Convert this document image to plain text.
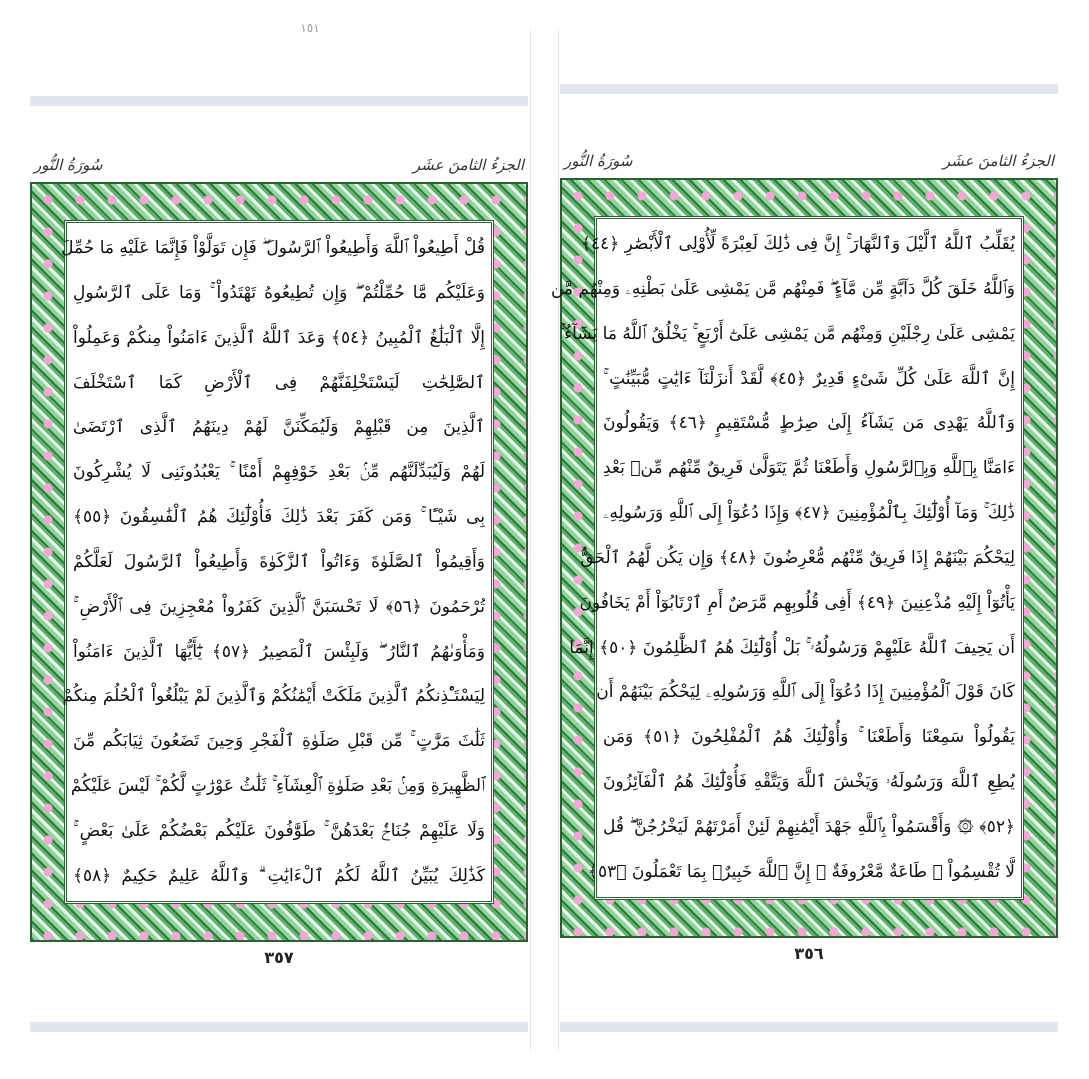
١٥١
الجزءُ الثامنَ عشَر
سُورَةُ النُّور
قُلْ أَطِيعُواْ ٱللَّهَ وَأَطِيعُواْ ٱلرَّسُولَ ۖ فَإِن تَوَلَّوْاْ فَإِنَّمَا عَلَيْهِ مَا حُمِّلَ
وَعَلَيْكُم مَّا حُمِّلْتُمْ ۖ وَإِن تُطِيعُوهُ تَهْتَدُواْ ۚ وَمَا عَلَى ٱلرَّسُولِ
إِلَّا ٱلْبَلَٰغُ ٱلْمُبِينُ ﴿٥٤﴾ وَعَدَ ٱللَّهُ ٱلَّذِينَ ءَامَنُواْ مِنكُمْ وَعَمِلُواْ
ٱلصَّٰلِحَٰتِ لَيَسْتَخْلِفَنَّهُمْ فِى ٱلْأَرْضِ كَمَا ٱسْتَخْلَفَ
ٱلَّذِينَ مِن قَبْلِهِمْ وَلَيُمَكِّنَنَّ لَهُمْ دِينَهُمُ ٱلَّذِى ٱرْتَضَىٰ
لَهُمْ وَلَيُبَدِّلَنَّهُم مِّنۢ بَعْدِ خَوْفِهِمْ أَمْنًا ۚ يَعْبُدُونَنِى لَا يُشْرِكُونَ
بِى شَيْـًٔا ۚ وَمَن كَفَرَ بَعْدَ ذَٰلِكَ فَأُوْلَٰٓئِكَ هُمُ ٱلْفَٰسِقُونَ ﴿٥٥﴾
وَأَقِيمُواْ ٱلصَّلَوٰةَ وَءَاتُواْ ٱلزَّكَوٰةَ وَأَطِيعُواْ ٱلرَّسُولَ لَعَلَّكُمْ
تُرْحَمُونَ ﴿٥٦﴾ لَا تَحْسَبَنَّ ٱلَّذِينَ كَفَرُواْ مُعْجِزِينَ فِى ٱلْأَرْضِ ۚ
وَمَأْوَىٰهُمُ ٱلنَّارُ ۖ وَلَبِئْسَ ٱلْمَصِيرُ ﴿٥٧﴾ يَٰٓأَيُّهَا ٱلَّذِينَ ءَامَنُواْ
لِيَسْتَـْٔذِنكُمُ ٱلَّذِينَ مَلَكَتْ أَيْمَٰنُكُمْ وَٱلَّذِينَ لَمْ يَبْلُغُواْ ٱلْحُلُمَ مِنكُمْ
ثَلَٰثَ مَرَّٰتٍ ۚ مِّن قَبْلِ صَلَوٰةِ ٱلْفَجْرِ وَحِينَ تَضَعُونَ ثِيَابَكُم مِّنَ
ٱلظَّهِيرَةِ وَمِنۢ بَعْدِ صَلَوٰةِ ٱلْعِشَآءِ ۚ ثَلَٰثُ عَوْرَٰتٍ لَّكُمْ ۚ لَيْسَ عَلَيْكُمْ
وَلَا عَلَيْهِمْ جُنَاحٌۢ بَعْدَهُنَّ ۚ طَوَّٰفُونَ عَلَيْكُم بَعْضُكُمْ عَلَىٰ بَعْضٍ ۚ
كَذَٰلِكَ يُبَيِّنُ ٱللَّهُ لَكُمُ ٱلْءَايَٰتِ ۗ وَٱللَّهُ عَلِيمٌ حَكِيمٌ ﴿٥٨﴾
٣٥٧
الجزءُ الثامنَ عشَر
سُورَةُ النُّور
يُقَلِّبُ ٱللَّهُ ٱلَّيْلَ وَٱلنَّهَارَ ۚ إِنَّ فِى ذَٰلِكَ لَعِبْرَةً لِّأُوْلِى ٱلْأَبْصَٰرِ ﴿٤٤﴾
وَٱللَّهُ خَلَقَ كُلَّ دَآبَّةٍ مِّن مَّآءٍ ۖ فَمِنْهُم مَّن يَمْشِى عَلَىٰ بَطْنِهِۦ وَمِنْهُم مَّن
يَمْشِى عَلَىٰ رِجْلَيْنِ وَمِنْهُم مَّن يَمْشِى عَلَىٰٓ أَرْبَعٍ ۚ يَخْلُقُ ٱللَّهُ مَا يَشَآءُ ۚ
إِنَّ ٱللَّهَ عَلَىٰ كُلِّ شَىْءٍ قَدِيرٌ ﴿٤٥﴾ لَّقَدْ أَنزَلْنَآ ءَايَٰتٍ مُّبَيِّنَٰتٍ ۚ
وَٱللَّهُ يَهْدِى مَن يَشَآءُ إِلَىٰ صِرَٰطٍ مُّسْتَقِيمٍ ﴿٤٦﴾ وَيَقُولُونَ
ءَامَنَّا بِٱللَّهِ وَبِٱلرَّسُولِ وَأَطَعْنَا ثُمَّ يَتَوَلَّىٰ فَرِيقٌ مِّنْهُم مِّنۢ بَعْدِ
ذَٰلِكَ ۚ وَمَآ أُوْلَٰٓئِكَ بِٱلْمُؤْمِنِينَ ﴿٤٧﴾ وَإِذَا دُعُوٓاْ إِلَى ٱللَّهِ وَرَسُولِهِۦ
لِيَحْكُمَ بَيْنَهُمْ إِذَا فَرِيقٌ مِّنْهُم مُّعْرِضُونَ ﴿٤٨﴾ وَإِن يَكُن لَّهُمُ ٱلْحَقُّ
يَأْتُوٓاْ إِلَيْهِ مُذْعِنِينَ ﴿٤٩﴾ أَفِى قُلُوبِهِم مَّرَضٌ أَمِ ٱرْتَابُوٓاْ أَمْ يَخَافُونَ
أَن يَحِيفَ ٱللَّهُ عَلَيْهِمْ وَرَسُولُهُۥ ۚ بَلْ أُوْلَٰٓئِكَ هُمُ ٱلظَّٰلِمُونَ ﴿٥٠﴾ إِنَّمَا
كَانَ قَوْلَ ٱلْمُؤْمِنِينَ إِذَا دُعُوٓاْ إِلَى ٱللَّهِ وَرَسُولِهِۦ لِيَحْكُمَ بَيْنَهُمْ أَن
يَقُولُواْ سَمِعْنَا وَأَطَعْنَا ۚ وَأُوْلَٰٓئِكَ هُمُ ٱلْمُفْلِحُونَ ﴿٥١﴾ وَمَن
يُطِعِ ٱللَّهَ وَرَسُولَهُۥ وَيَخْشَ ٱللَّهَ وَيَتَّقْهِ فَأُوْلَٰٓئِكَ هُمُ ٱلْفَآئِزُونَ
﴿٥٢﴾ ۞ وَأَقْسَمُواْ بِٱللَّهِ جَهْدَ أَيْمَٰنِهِمْ لَئِنْ أَمَرْتَهُمْ لَيَخْرُجُنَّ ۖ قُل
لَّا تُقْسِمُواْ ۖ طَاعَةٌ مَّعْرُوفَةٌ ۚ إِنَّ ٱللَّهَ خَبِيرٌۢ بِمَا تَعْمَلُونَ ﴿٥٣﴾
٣٥٦
